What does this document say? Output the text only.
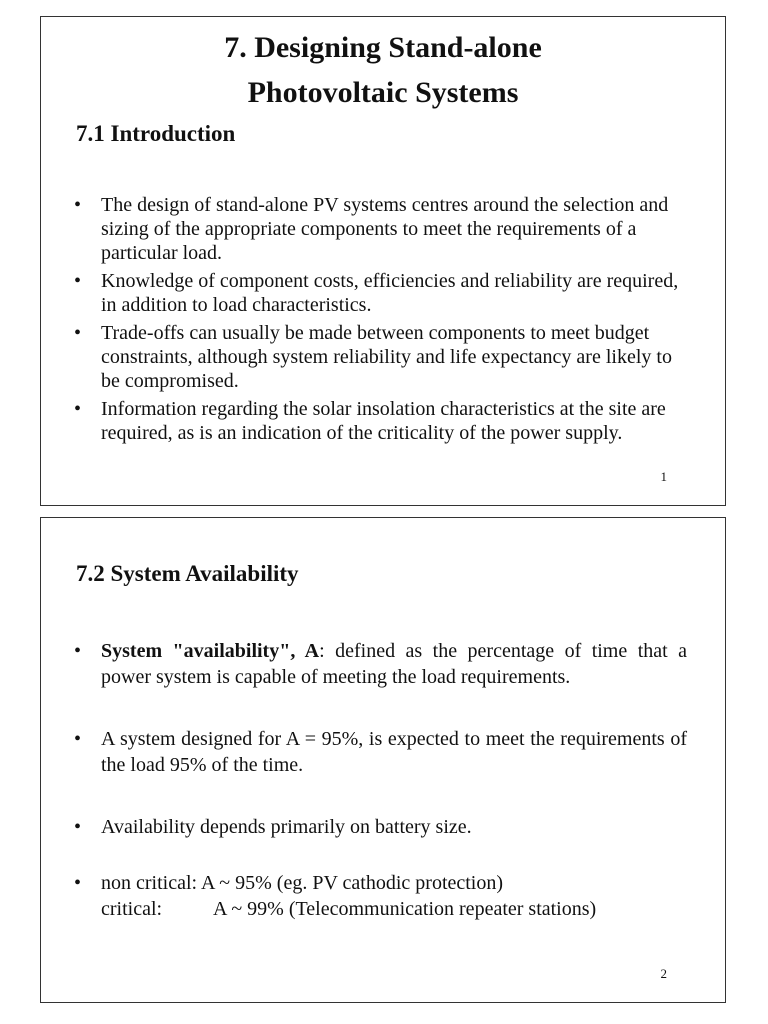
7. Designing Stand-alone
Photovoltaic Systems
7.1 Introduction
• The design of stand-alone PV systems centres around the selection and sizing of the appropriate components to meet the requirements of a particular load.
• Knowledge of component costs, efficiencies and reliability are required, in addition to load characteristics.
• Trade-offs can usually be made between components to meet budget constraints, although system reliability and life expectancy are likely to be compromised.
• Information regarding the solar insolation characteristics at the site are required, as is an indication of the criticality of the power supply.
1
7.2 System Availability
• System "availability", A: defined as the percentage of time that a power system is capable of meeting the load requirements.
• A system designed for A = 95%, is expected to meet the requirements of the load 95% of the time.
• Availability depends primarily on battery size.
• non critical: A ~ 95% (eg. PV cathodic protection)
critical:	A ~ 99% (Telecommunication repeater stations)
2
